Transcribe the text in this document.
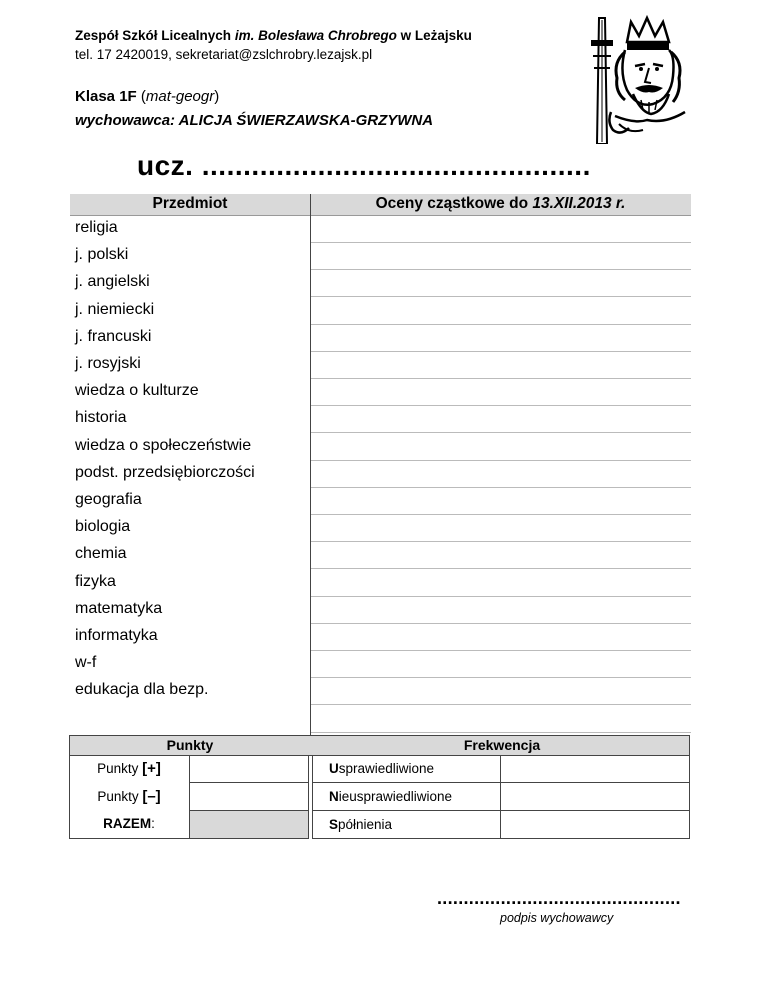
Zespół Szkół Licealnych im. Bolesława Chrobrego w Leżajsku
tel. 17 2420019, sekretariat@zslchrobry.lezajsk.pl
Klasa 1F (mat-geogr)
wychowawca: ALICJA ŚWIERZAWSKA-GRZYWNA
ucz. ...............................................
Przedmiot	Oceny cząstkowe do 13.XII.2013 r.
religia
j. polski
j. angielski
j. niemiecki
j. francuski
j. rosyjski
wiedza o kulturze
historia
wiedza o społeczeństwie
podst. przedsiębiorczości
geografia
biologia
chemia
fizyka
matematyka
informatyka
w-f
edukacja dla bezp.
Punkty	Frekwencja
Punkty [+]
Punkty [–]
RAZEM:
Usprawiedliwione
Nieusprawiedliwione
Spółnienia
..............................................
podpis wychowawcy
